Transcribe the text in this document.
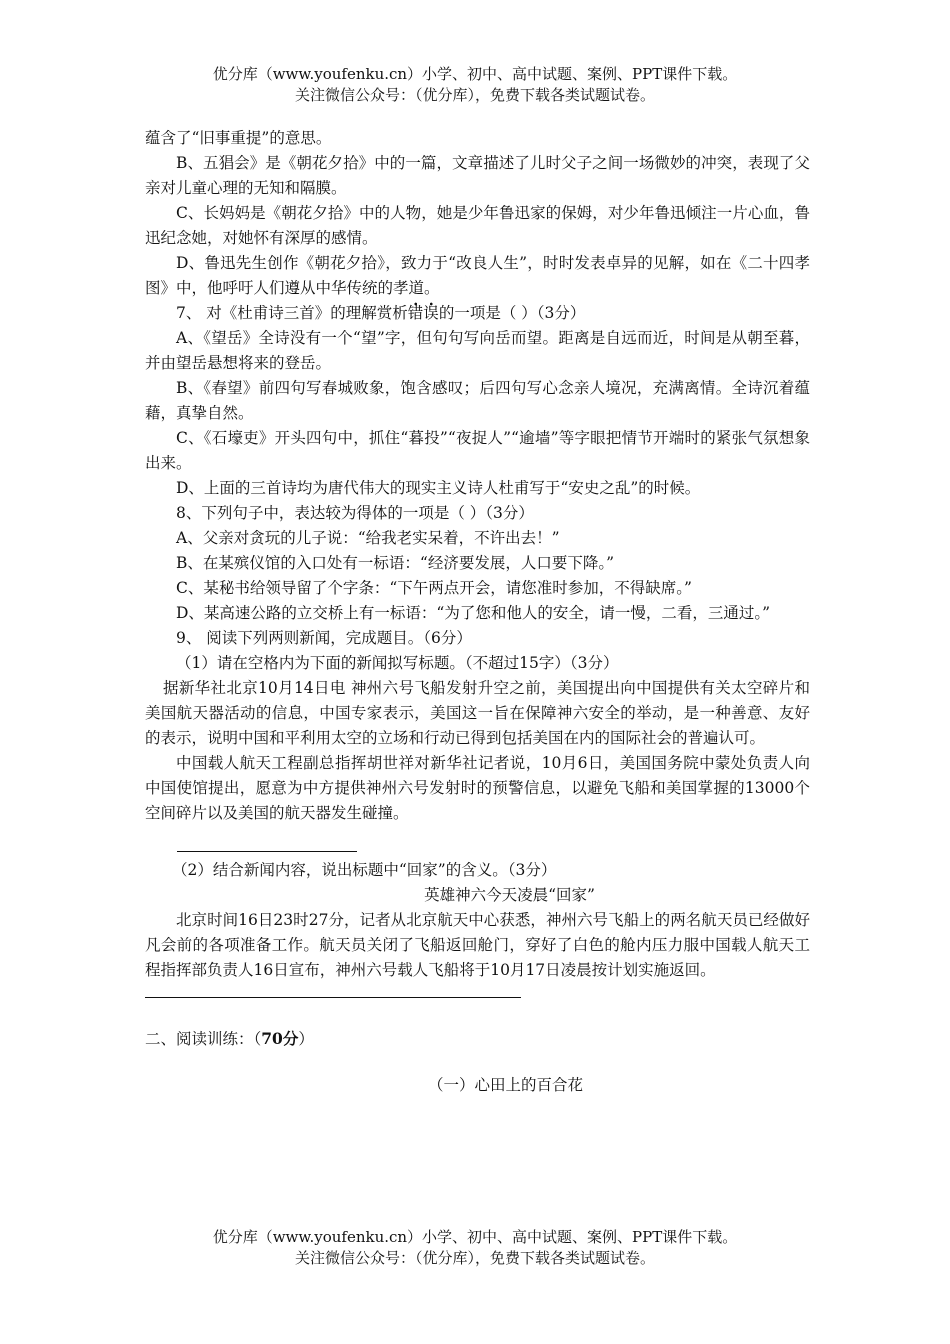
优分库（www.youfenku.cn）小学、初中、高中试题、案例、PPT课件下载。
关注微信公众号：（优分库），免费下载各类试题试卷。

蕴含了“旧事重提”的意思。

B、五猖会》是《朝花夕拾》中的一篇，文章描述了儿时父子之间一场微妙的冲突，表现了父亲对儿童心理的无知和隔膜。

C、长妈妈是《朝花夕拾》中的人物，她是少年鲁迅家的保姆，对少年鲁迅倾注一片心血，鲁迅纪念她，对她怀有深厚的感情。

D、鲁迅先生创作《朝花夕拾》，致力于“改良人生”，时时发表卓异的见解，如在《二十四孝图》中，他呼吁人们遵从中华传统的孝道。

7、 对《杜甫诗三首》的理解赏析错误的一项是（ ）（3分）

A、《望岳》全诗没有一个“望”字，但句句写向岳而望。距离是自远而近，时间是从朝至暮，并由望岳悬想将来的登岳。

B、《春望》前四句写春城败象，饱含感叹；后四句写心念亲人境况，充满离情。全诗沉着蕴藉，真挚自然。

C、《石壕吏》开头四句中，抓住“暮投”“夜捉人”“逾墙”等字眼把情节开端时的紧张气氛想象出来。

D、上面的三首诗均为唐代伟大的现实主义诗人杜甫写于“安史之乱”的时候。

8、下列句子中，表达较为得体的一项是（ ）（3分）

A、父亲对贪玩的儿子说：“给我老实呆着，不许出去！”

B、在某殡仪馆的入口处有一标语：“经济要发展，人口要下降。”

C、某秘书给领导留了个字条：“下午两点开会，请您准时参加，不得缺席。”

D、某高速公路的立交桥上有一标语：“为了您和他人的安全，请一慢，二看，三通过。”

9、 阅读下列两则新闻，完成题目。（6分）

（1）请在空格内为下面的新闻拟写标题。（不超过15字）（3分）

据新华社北京10月14日电 神州六号飞船发射升空之前，美国提出向中国提供有关太空碎片和美国航天器活动的信息，中国专家表示，美国这一旨在保障神六安全的举动，是一种善意、友好的表示，说明中国和平利用太空的立场和行动已得到包括美国在内的国际社会的普遍认可。

中国载人航天工程副总指挥胡世祥对新华社记者说，10月6日，美国国务院中蒙处负责人向中国使馆提出，愿意为中方提供神州六号发射时的预警信息，以避免飞船和美国掌握的13000个空间碎片以及美国的航天器发生碰撞。

（2）结合新闻内容，说出标题中“回家”的含义。（3分）

英雄神六今天凌晨“回家”

北京时间16日23时27分，记者从北京航天中心获悉，神州六号飞船上的两名航天员已经做好凡会前的各项准备工作。航天员关闭了飞船返回舱门，穿好了白色的舱内压力服中国载人航天工程指挥部负责人16日宣布，神州六号载人飞船将于10月17日凌晨按计划实施返回。

二、阅读训练：（70分）

（一）心田上的百合花

优分库（www.youfenku.cn）小学、初中、高中试题、案例、PPT课件下载。
关注微信公众号：（优分库），免费下载各类试题试卷。
